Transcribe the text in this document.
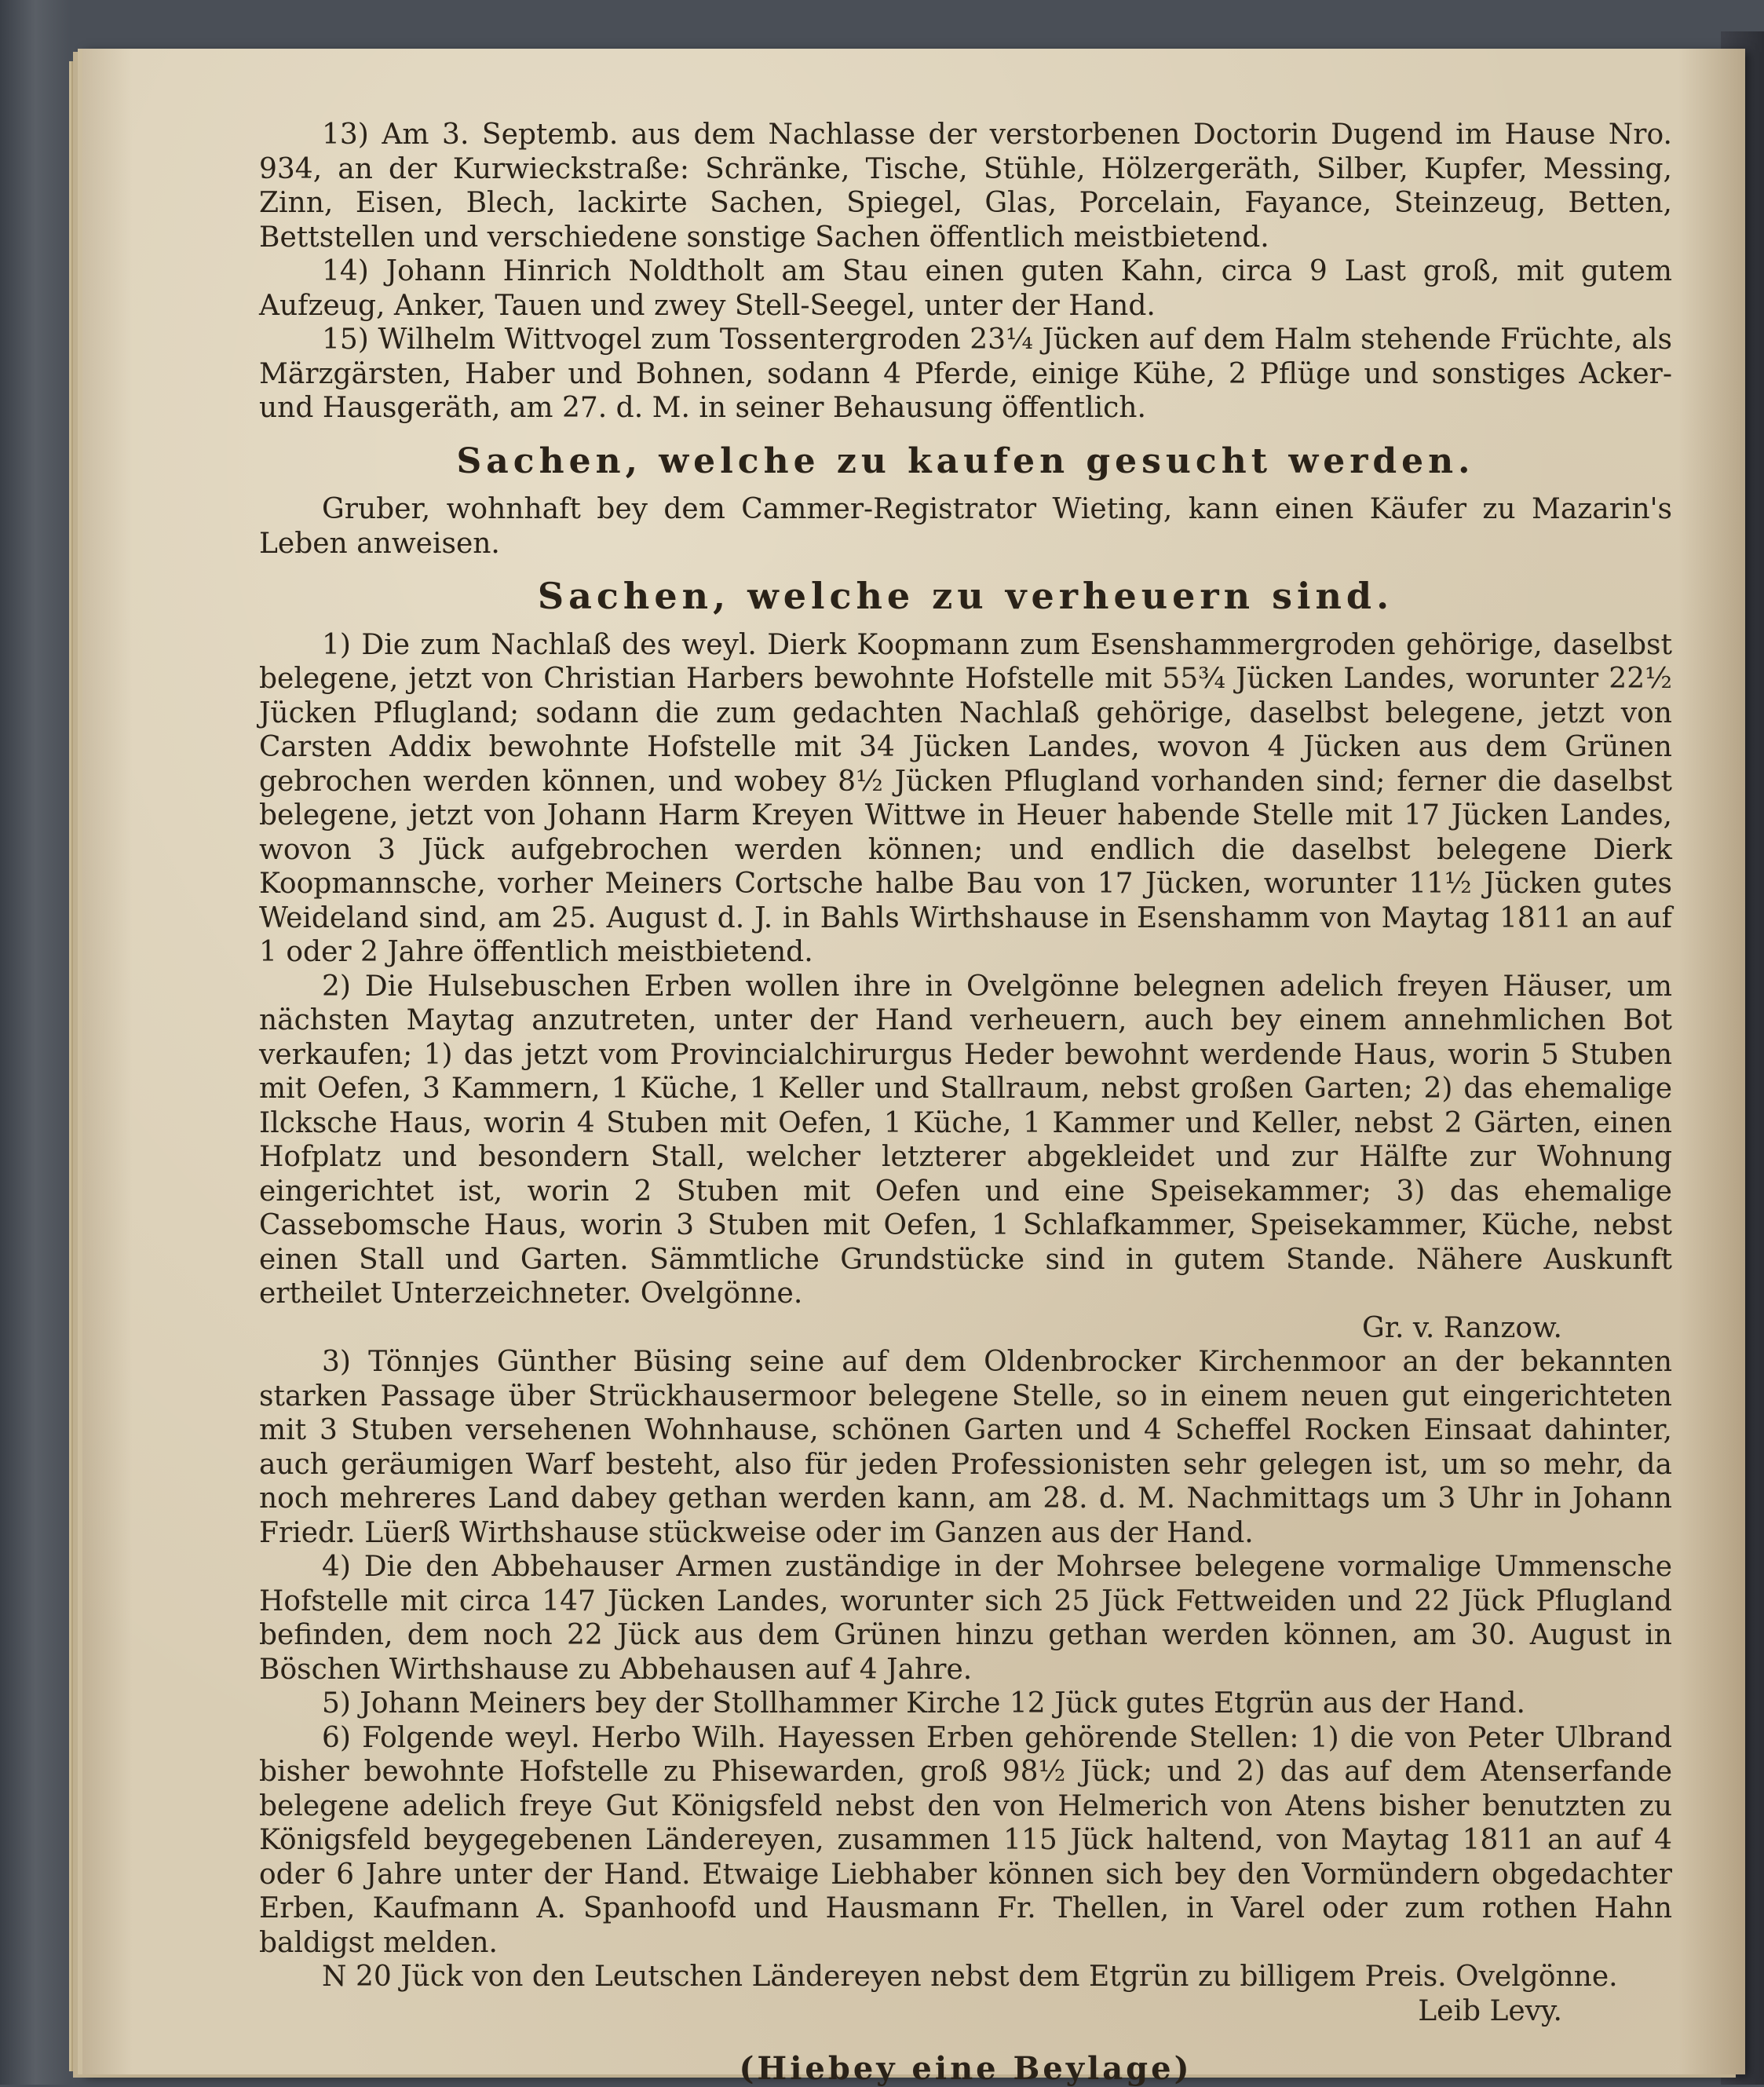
13) Am 3. Septemb. aus dem Nachlasse der verstorbenen Doctorin Dugend im Hause Nro. 934, an der Kurwieckstraße: Schränke, Tische, Stühle, Hölzergeräth, Silber, Kupfer, Messing, Zinn, Eisen, Blech, lackirte Sachen, Spiegel, Glas, Porcelain, Fayance, Steinzeug, Betten, Bettstellen und verschiedene sonstige Sachen öffentlich meistbietend.

14) Johann Hinrich Noldtholt am Stau einen guten Kahn, circa 9 Last groß, mit gutem Aufzeug, Anker, Tauen und zwey Stell-Seegel, unter der Hand.

15) Wilhelm Wittvogel zum Tossentergroden 23¼ Jücken auf dem Halm stehende Früchte, als Märzgärsten, Haber und Bohnen, sodann 4 Pferde, einige Kühe, 2 Pflüge und sonstiges Acker- und Hausgeräth, am 27. d. M. in seiner Behausung öffentlich.

Sachen, welche zu kaufen gesucht werden.

Gruber, wohnhaft bey dem Cammer-Registrator Wieting, kann einen Käufer zu Mazarin's Leben anweisen.

Sachen, welche zu verheuern sind.

1) Die zum Nachlaß des weyl. Dierk Koopmann zum Esenshammergroden gehörige, daselbst belegene, jetzt von Christian Harbers bewohnte Hofstelle mit 55¾ Jücken Landes, worunter 22½ Jücken Pflugland; sodann die zum gedachten Nachlaß gehörige, daselbst belegene, jetzt von Carsten Addix bewohnte Hofstelle mit 34 Jücken Landes, wovon 4 Jücken aus dem Grünen gebrochen werden können, und wobey 8½ Jücken Pflugland vorhanden sind; ferner die daselbst belegene, jetzt von Johann Harm Kreyen Wittwe in Heuer habende Stelle mit 17 Jücken Landes, wovon 3 Jück aufgebrochen werden können; und endlich die daselbst belegene Dierk Koopmannsche, vorher Meiners Cortsche halbe Bau von 17 Jücken, worunter 11½ Jücken gutes Weideland sind, am 25. August d. J. in Bahls Wirthshause in Esenshamm von Maytag 1811 an auf 1 oder 2 Jahre öffentlich meistbietend.

2) Die Hulsebuschen Erben wollen ihre in Ovelgönne belegnen adelich freyen Häuser, um nächsten Maytag anzutreten, unter der Hand verheuern, auch bey einem annehmlichen Bot verkaufen; 1) das jetzt vom Provincialchirurgus Heder bewohnt werdende Haus, worin 5 Stuben mit Oefen, 3 Kammern, 1 Küche, 1 Keller und Stallraum, nebst großen Garten; 2) das ehemalige Ilcksche Haus, worin 4 Stuben mit Oefen, 1 Küche, 1 Kammer und Keller, nebst 2 Gärten, einen Hofplatz und besondern Stall, welcher letzterer abgekleidet und zur Hälfte zur Wohnung eingerichtet ist, worin 2 Stuben mit Oefen und eine Speisekammer; 3) das ehemalige Cassebomsche Haus, worin 3 Stuben mit Oefen, 1 Schlafkammer, Speisekammer, Küche, nebst einen Stall und Garten. Sämmtliche Grundstücke sind in gutem Stande. Nähere Auskunft ertheilet Unterzeichneter. Ovelgönne.

Gr. v. Ranzow.

3) Tönnjes Günther Büsing seine auf dem Oldenbrocker Kirchenmoor an der bekannten starken Passage über Strückhausermoor belegene Stelle, so in einem neuen gut eingerichteten mit 3 Stuben versehenen Wohnhause, schönen Garten und 4 Scheffel Rocken Einsaat dahinter, auch geräumigen Warf besteht, also für jeden Professionisten sehr gelegen ist, um so mehr, da noch mehreres Land dabey gethan werden kann, am 28. d. M. Nachmittags um 3 Uhr in Johann Friedr. Lüerß Wirthshause stückweise oder im Ganzen aus der Hand.

4) Die den Abbehauser Armen zuständige in der Mohrsee belegene vormalige Ummensche Hofstelle mit circa 147 Jücken Landes, worunter sich 25 Jück Fettweiden und 22 Jück Pflugland befinden, dem noch 22 Jück aus dem Grünen hinzu gethan werden können, am 30. August in Böschen Wirthshause zu Abbehausen auf 4 Jahre.

5) Johann Meiners bey der Stollhammer Kirche 12 Jück gutes Etgrün aus der Hand.

6) Folgende weyl. Herbo Wilh. Hayessen Erben gehörende Stellen: 1) die von Peter Ulbrand bisher bewohnte Hofstelle zu Phisewarden, groß 98½ Jück; und 2) das auf dem Atenserfande belegene adelich freye Gut Königsfeld nebst den von Helmerich von Atens bisher benutzten zu Königsfeld beygegebenen Ländereyen, zusammen 115 Jück haltend, von Maytag 1811 an auf 4 oder 6 Jahre unter der Hand. Etwaige Liebhaber können sich bey den Vormündern obgedachter Erben, Kaufmann A. Spanhoofd und Hausmann Fr. Thellen, in Varel oder zum rothen Hahn baldigst melden.

N 20 Jück von den Leutschen Ländereyen nebst dem Etgrün zu billigem Preis. Ovelgönne.

Leib Levy.

(Hiebey eine Beylage)
